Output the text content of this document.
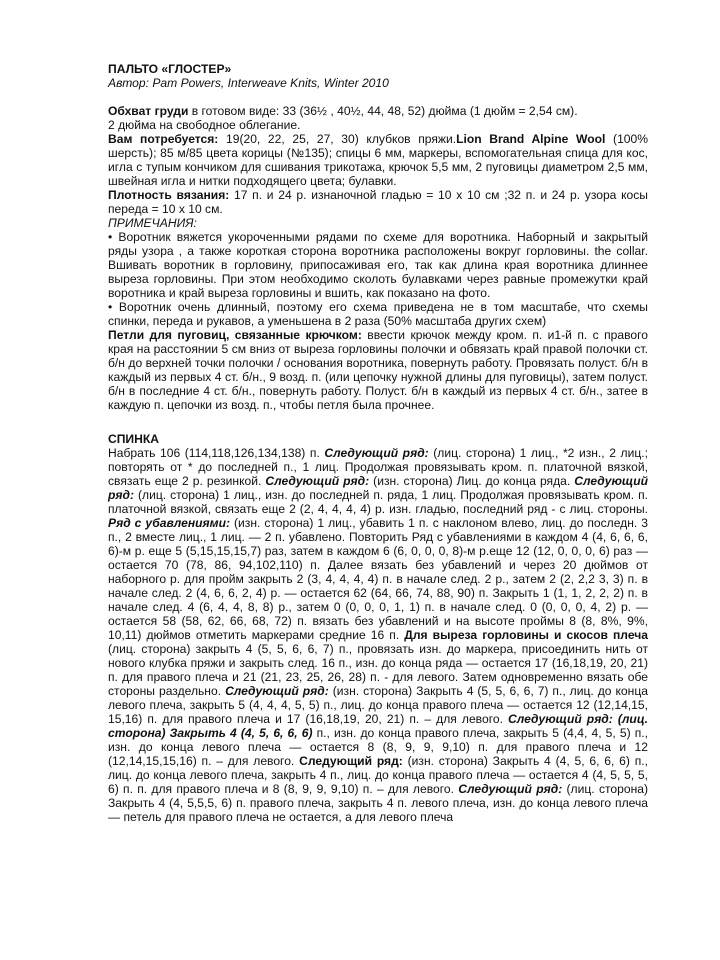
ПАЛЬТО «ГЛОСТЕР»

Автор: Pam Powers, Interweave Knits, Winter 2010

Обхват груди в готовом виде: 33 (36½ , 40½, 44, 48, 52) дюйма (1 дюйм = 2,54 см).

2 дюйма на свободное облегание.

Вам потребуется: 19(20, 22, 25, 27, 30) клубков пряжи.Lion Brand Alpine Wool (100% шерсть); 85 м/85 цвета корицы (№135); спицы 6 мм, маркеры, вспомогательная спица для кос, игла с тупым кончиком для сшивания трикотажа, крючок 5,5 мм, 2 пуговицы диаметром 2,5 мм, швейная игла и нитки подходящего цвета; булавки.

Плотность вязания: 17 п. и 24 р. изнаночной гладью = 10 x 10 см ;32 п. и 24 р. узора косы переда = 10 x 10 см.

ПРИМЕЧАНИЯ:

• Воротник вяжется укороченными рядами по схеме для воротника. Наборный и закрытый ряды узора , а также короткая сторона воротника расположены вокруг горловины. the collar. Вшивать воротник в горловину, припосаживая его, так как длина края воротника длиннее выреза горловины. При этом необходимо сколоть булавками через равные промежутки край воротника и край выреза горловины и вшить, как показано на фото.

• Воротник очень длинный, поэтому его схема приведена не в том масштабе, что схемы спинки, переда и рукавов, а уменьшена в 2 раза (50% масштаба других схем)

Петли для пуговиц, связанные крючком: ввести крючок между кром. п. и1-й п. с правого края на расстоянии 5 см вниз от выреза горловины полочки и обвязать край правой полочки ст. б/н до верхней точки полочки / основания воротника, повернуть работу. Провязать полуст. б/н в каждый из первых 4 ст. б/н., 9 возд. п. (или цепочку нужной длины для пуговицы), затем полуст. б/н в последние 4 ст. б/н., повернуть работу. Полуст. б/н в каждый из первых 4 ст. б/н., затее в каждую п. цепочки из возд. п., чтобы петля была прочнее.

СПИНКА

Набрать 106 (114,118,126,134,138) п. Следующий ряд: (лиц. сторона) 1 лиц., *2 изн., 2 лиц.; повторять от * до последней п., 1 лиц. Продолжая провязывать кром. п. платочной вязкой, связать еще 2 р. резинкой. Следующий ряд: (изн. сторона) Лиц. до конца ряда. Следующий ряд: (лиц. сторона) 1 лиц., изн. до последней п. ряда, 1 лиц. Продолжая провязывать кром. п. платочной вязкой, связать еще 2 (2, 4, 4, 4, 4) р. изн. гладью, последний ряд - с лиц. стороны. Ряд с убавлениями: (изн. сторона) 1 лиц., убавить 1 п. с наклоном влево, лиц. до последн. 3 п., 2 вместе лиц., 1 лиц. — 2 п. убавлено. Повторить Ряд с убавлениями в каждом 4 (4, 6, 6, 6, 6)-м р. еще 5 (5,15,15,15,7) раз, затем в каждом 6 (6, 0, 0, 0, 8)-м р.еще 12 (12, 0, 0, 0, 6) раз — остается 70 (78, 86, 94,102,110) п. Далее вязать без убавлений и через 20 дюймов от наборного р. для пройм закрыть 2 (3, 4, 4, 4, 4) п. в начале след. 2 р., затем 2 (2, 2,2 3, 3) п. в начале след. 2 (4, 6, 6, 2, 4) р. — остается 62 (64, 66, 74, 88, 90) п. Закрыть 1 (1, 1, 2, 2, 2) п. в начале след. 4 (6, 4, 4, 8, 8) р., затем 0 (0, 0, 0, 1, 1) п. в начале след. 0 (0, 0, 0, 4, 2) р. — остается 58 (58, 62, 66, 68, 72) п. вязать без убавлений и на высоте проймы 8 (8, 8%, 9%, 10,11) дюймов отметить маркерами средние 16 п. Для выреза горловины и скосов плеча (лиц. сторона) закрыть 4 (5, 5, 6, 6, 7) п., провязать изн. до маркера, присоединить нить от нового клубка пряжи и закрыть след. 16 п., изн. до конца ряда — остается 17 (16,18,19, 20, 21) п. для правого плеча и 21 (21, 23, 25, 26, 28) п. - для левого. Затем одновременно вязать обе стороны раздельно. Следующий ряд: (изн. сторона) Закрыть 4 (5, 5, 6, 6, 7) п., лиц. до конца левого плеча, закрыть 5 (4, 4, 4, 5, 5) п., лиц. до конца правого плеча — остается 12 (12,14,15, 15,16) п. для правого плеча и 17 (16,18,19, 20, 21) п. – для левого. Следующий ряд: (лиц. сторона) Закрыть 4 (4, 5, 6, 6, 6) п., изн. до конца правого плеча, закрыть 5 (4,4, 4, 5, 5) п., изн. до конца левого плеча — остается 8 (8, 9, 9, 9,10) п. для правого плеча и 12 (12,14,15,15,16) п. – для левого. Следующий ряд: (изн. сторона) Закрыть 4 (4, 5, 6, 6, 6) п., лиц. до конца левого плеча, закрыть 4 п., лиц. до конца правого плеча — остается 4 (4, 5, 5, 5, 6) п. п. для правого плеча и 8 (8, 9, 9, 9,10) п. – для левого. Следующий ряд: (лиц. сторона) Закрыть 4 (4, 5,5,5, 6) п. правого плеча, закрыть 4 п. левого плеча, изн. до конца левого плеча — петель для правого плеча не остается, а для левого плеча
